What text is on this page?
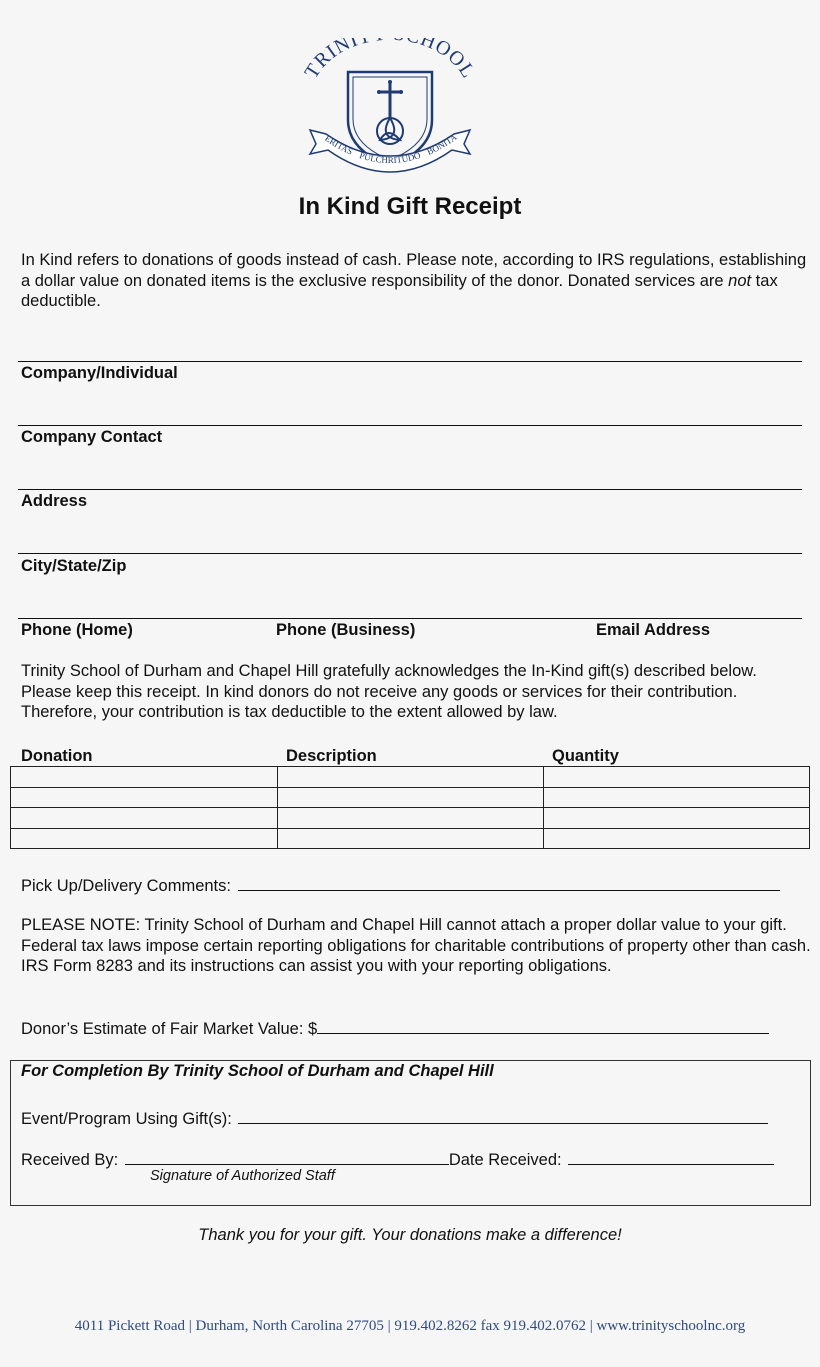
TRINI HOOL
ERITAS PULCHRITUDO BONITA
In Kind Gift Receipt
In Kind refers to donations of goods instead of cash. Please note, according to IRS regulations, establishing a dollar value on donated items is the exclusive responsibility of the donor. Donated services are not tax deductible.
Company/Individual
Company Contact
Address
City/State/Zip
Phone (Home)	Phone (Business)	Email Address
Trinity School of Durham and Chapel Hill gratefully acknowledges the In-Kind gift(s) described below. Please keep this receipt. In kind donors do not receive any goods or services for their contribution. Therefore, your contribution is tax deductible to the extent allowed by law.
Donation	Description	Quantity

Pick Up/Delivery Comments:
PLEASE NOTE: Trinity School of Durham and Chapel Hill cannot attach a proper dollar value to your gift. Federal tax laws impose certain reporting obligations for charitable contributions of property other than cash. IRS Form 8283 and its instructions can assist you with your reporting obligations.
Donor’s Estimate of Fair Market Value: $
For Completion By Trinity School of Durham and Chapel Hill
Event/Program Using Gift(s):
Received By:	Date Received:
Signature of Authorized Staff
Thank you for your gift. Your donations make a difference!
4011 Pickett Road | Durham, North Carolina 27705 | 919.402.8262 fax 919.402.0762 | www.trinityschoolnc.org
